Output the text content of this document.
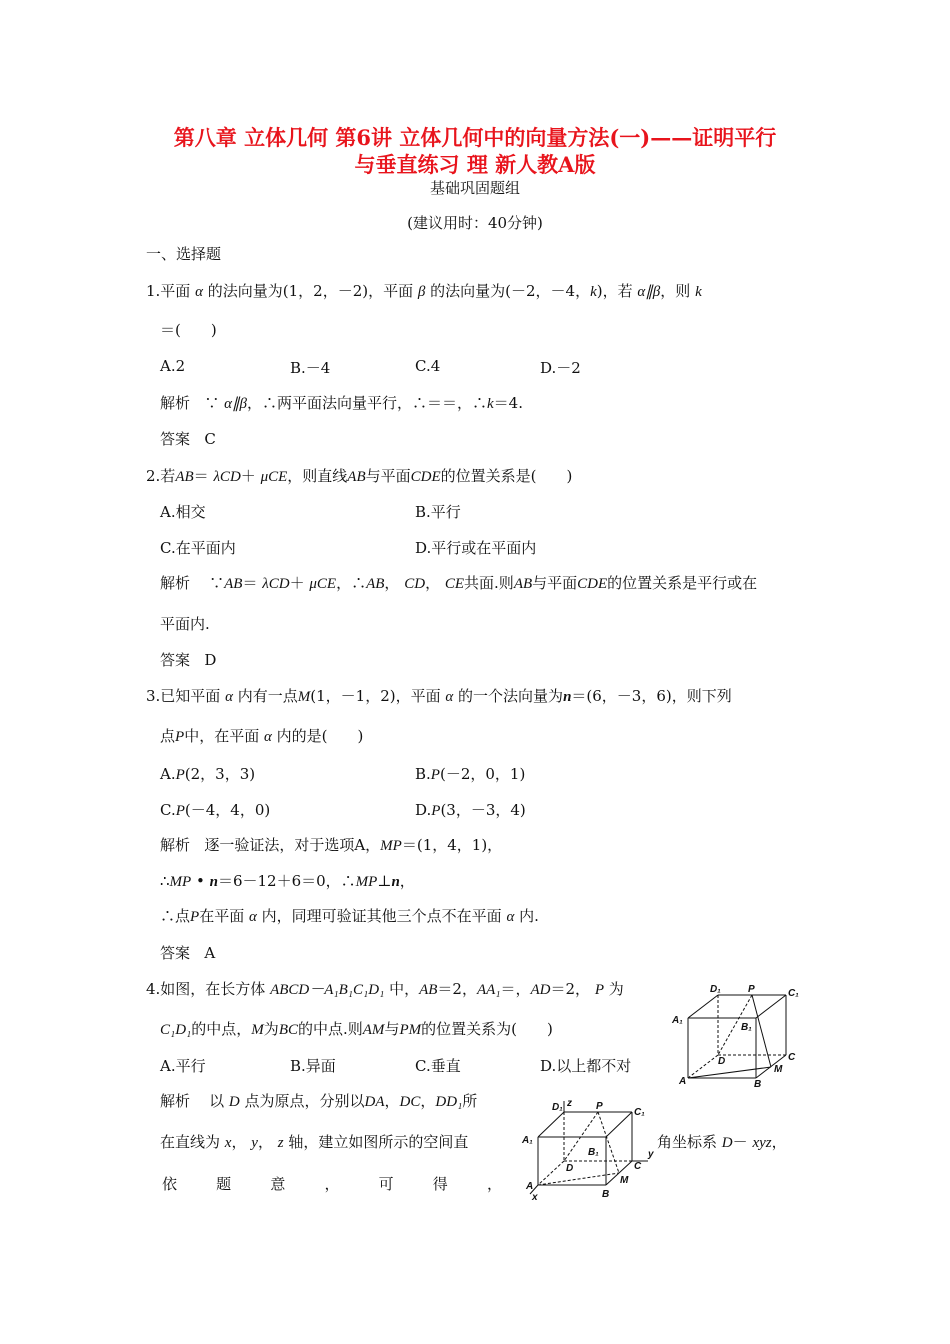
第八章 立体几何 第6讲 立体几何中的向量方法(一)——证明平行
与垂直练习 理 新人教A版
基础巩固题组
(建议用时：40分钟)
一、选择题
1.平面 α 的法向量为(1，2，－2)，平面 β 的法向量为(－2，－4，k)，若 α∥β，则 k
＝(　　)
A.2	B.－4	C.4	D.－2
解析 ∵ α∥β，∴两平面法向量平行，∴＝＝，∴k＝4.
答案 C
2.若AB＝ λCD＋ μCE，则直线AB与平面CDE的位置关系是(　　)
A.相交	B.平行
C.在平面内	D.平行或在平面内
解析 ∵AB＝ λCD＋ μCE，∴AB， CD， CE共面.则AB与平面CDE的位置关系是平行或在
平面内.
答案 D
3.已知平面 α 内有一点M(1，－1，2)，平面 α 的一个法向量为n＝(6，－3，6)，则下列
点P中，在平面 α 内的是(　　)
A.P(2，3，3)	B.P(－2，0，1)
C.P(－4，4，0)	D.P(3，－3，4)
解析 逐一验证法，对于选项A，MP＝(1，4，1)，
∴MP • n＝6－12＋6＝0，∴MP⊥n，
∴点P在平面 α 内，同理可验证其他三个点不在平面 α 内.
答案 A
4.如图，在长方体 ABCD－A₁B₁C₁D₁ 中，AB＝2，AA₁＝，AD＝2， P 为
C₁D₁的中点，M为BC的中点.则AM与PM的位置关系为(　　)
A.平行	B.异面	C.垂直	D.以上都不对
解析 以 D 点为原点，分别以DA，DC，DD₁所
在直线为 x， y， z 轴，建立如图所示的空间直	角坐标系 D－ xyz，
依	题	意	，	可	得	，
D₁	P	C₁
A₁
B₁
D	C
M
A	B
D₁ z P
C₁
A₁
B₁
D	C
y
M
A
x	B
